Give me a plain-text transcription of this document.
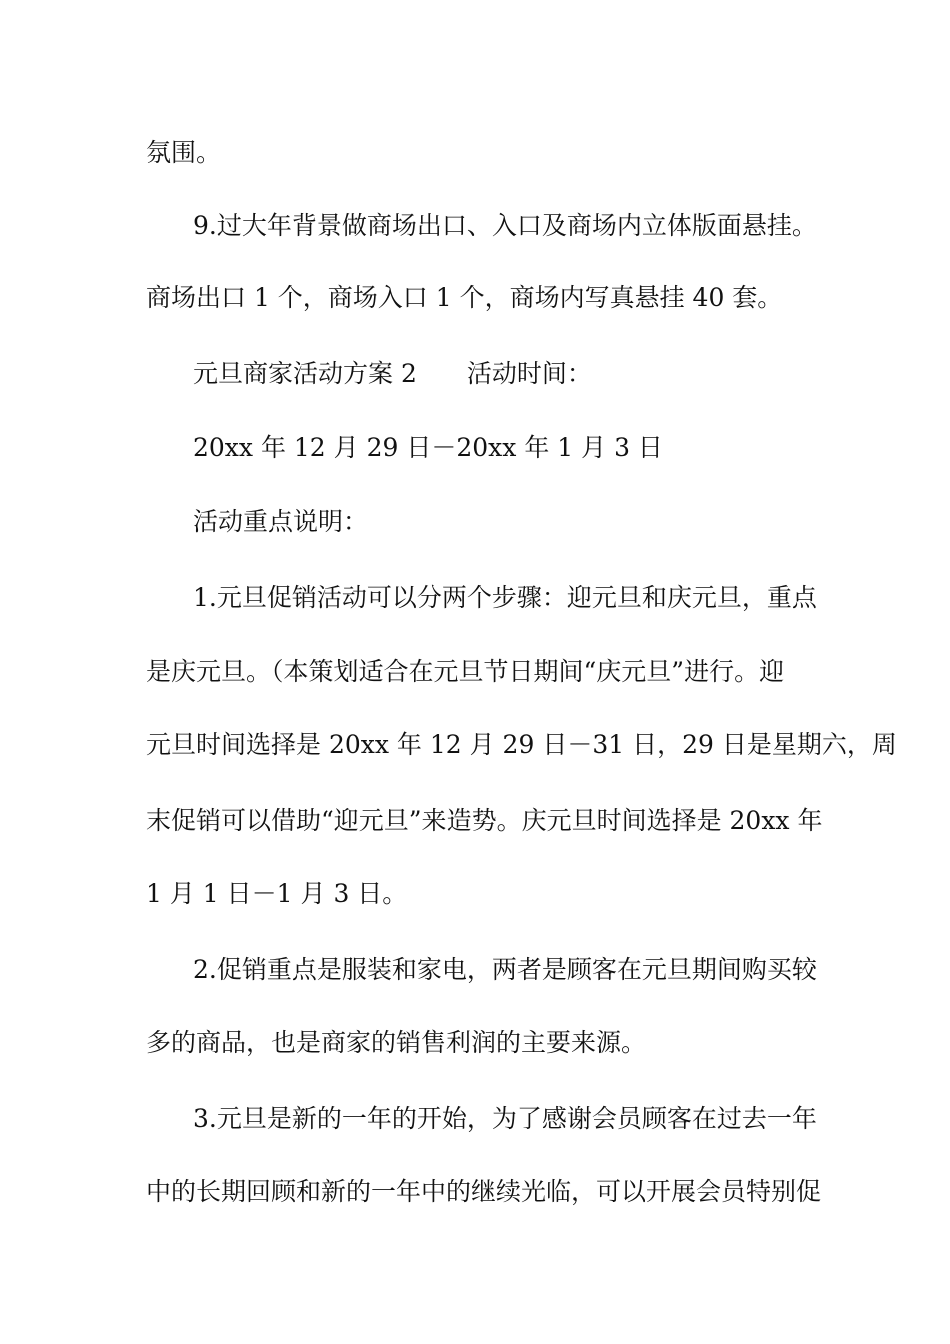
氛围。
9.过大年背景做商场出口、入口及商场内立体版面悬挂。
商场出口 1 个，商场入口 1 个，商场内写真悬挂 40 套。
元旦商家活动方案 2　　活动时间：
20xx 年 12 月 29 日－20xx 年 1 月 3 日
活动重点说明：
1.元旦促销活动可以分两个步骤：迎元旦和庆元旦，重点
是庆元旦。（本策划适合在元旦节日期间“庆元旦”进行。迎
元旦时间选择是 20xx 年 12 月 29 日－31 日，29 日是星期六，周
末促销可以借助“迎元旦”来造势。庆元旦时间选择是 20xx 年
1 月 1 日－1 月 3 日。
2.促销重点是服装和家电，两者是顾客在元旦期间购买较
多的商品，也是商家的销售利润的主要来源。
3.元旦是新的一年的开始，为了感谢会员顾客在过去一年
中的长期回顾和新的一年中的继续光临，可以开展会员特别促
